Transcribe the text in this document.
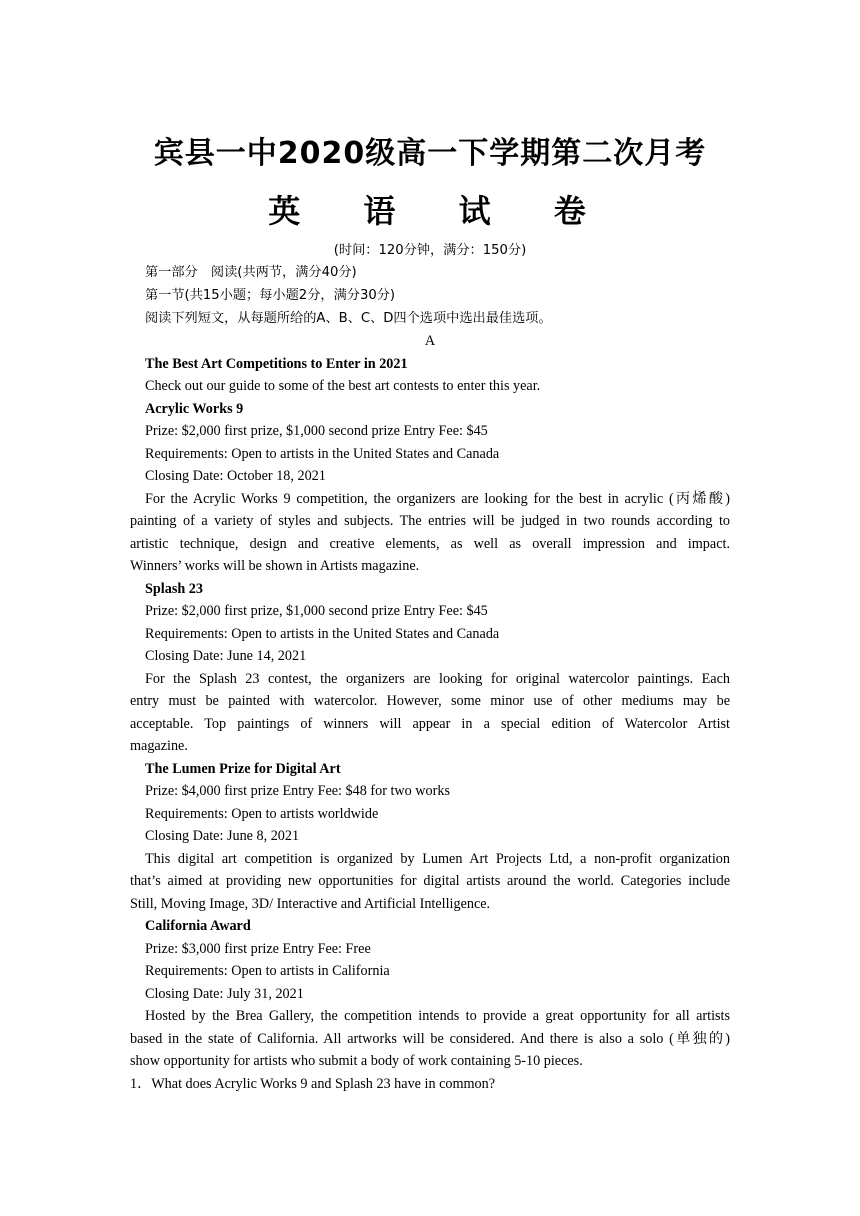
宾县一中2020级高一下学期第二次月考
英 语 试 卷
(时间：120分钟，满分：150分)
第一部分　阅读(共两节，满分40分)
第一节(共15小题；每小题2分，满分30分)
阅读下列短文，从每题所给的A、B、C、D四个选项中选出最佳选项。
A
The Best Art Competitions to Enter in 2021
Check out our guide to some of the best art contests to enter this year.
Acrylic Works 9
Prize: $2,000 first prize, $1,000 second prize Entry Fee: $45
Requirements: Open to artists in the United States and Canada
Closing Date: October 18, 2021
For the Acrylic Works 9 competition, the organizers are looking for the best in acrylic (丙烯酸)
painting of a variety of styles and subjects. The entries will be judged in two rounds according to
artistic technique, design and creative elements, as well as overall impression and impact.
Winners’ works will be shown in Artists magazine.
Splash 23
Prize: $2,000 first prize, $1,000 second prize Entry Fee: $45
Requirements: Open to artists in the United States and Canada
Closing Date: June 14, 2021
For the Splash 23 contest, the organizers are looking for original watercolor paintings. Each
entry must be painted with watercolor. However, some minor use of other mediums may be
acceptable. Top paintings of winners will appear in a special edition of Watercolor Artist
magazine.
The Lumen Prize for Digital Art
Prize: $4,000 first prize Entry Fee: $48 for two works
Requirements: Open to artists worldwide
Closing Date: June 8, 2021
This digital art competition is organized by Lumen Art Projects Ltd, a non-profit organization
that’s aimed at providing new opportunities for digital artists around the world. Categories include
Still, Moving Image, 3D/ Interactive and Artificial Intelligence.
California Award
Prize: $3,000 first prize Entry Fee: Free
Requirements: Open to artists in California
Closing Date: July 31, 2021
Hosted by the Brea Gallery, the competition intends to provide a great opportunity for all artists
based in the state of California. All artworks will be considered. And there is also a solo (单独的)
show opportunity for artists who submit a body of work containing 5-10 pieces.
1．What does Acrylic Works 9 and Splash 23 have in common?
